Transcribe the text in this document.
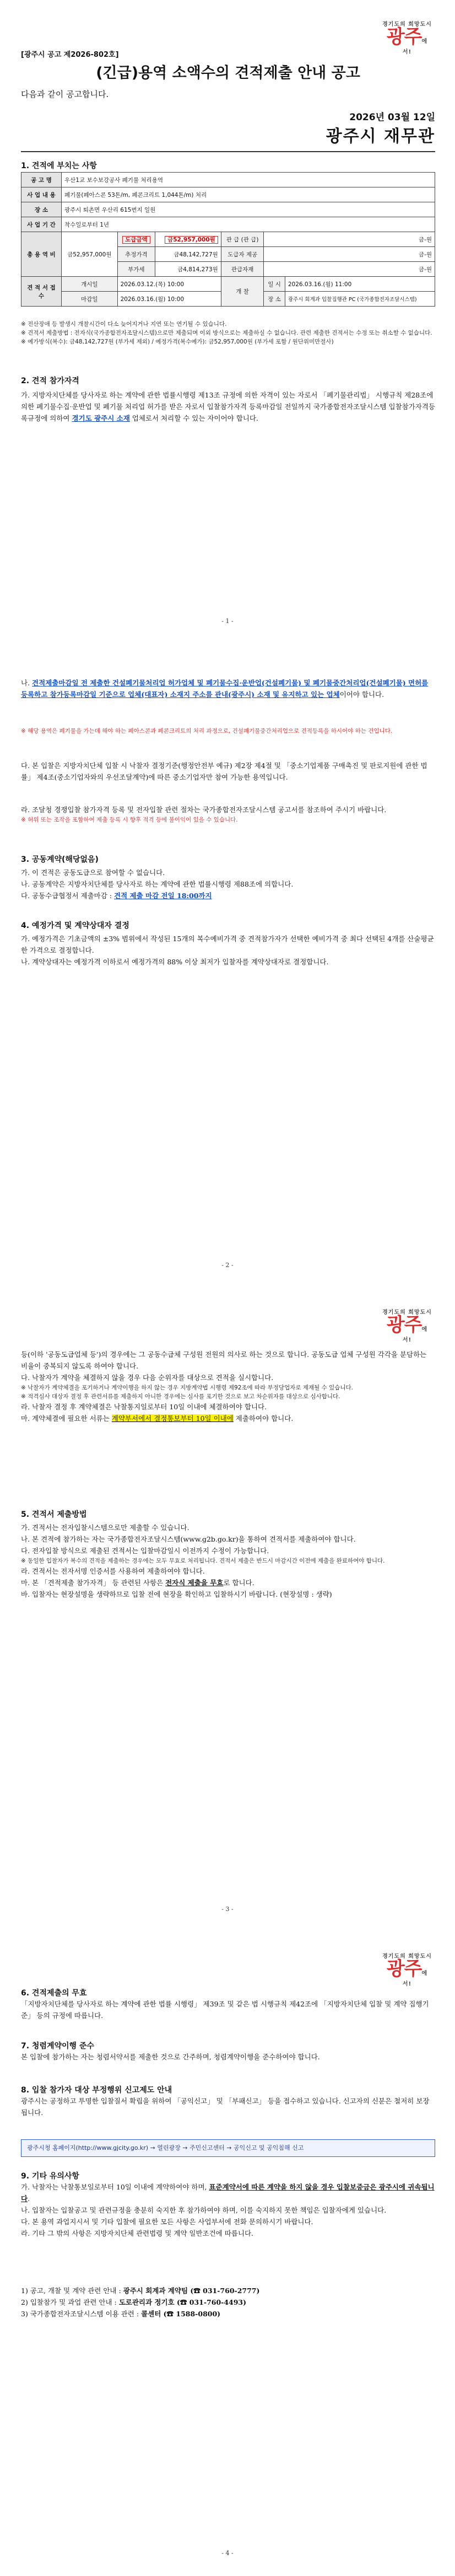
경기도의 희망도시
광주에서!
[광주시 공고 제2026-802호]
(긴급)용역 소액수의 견적제출 안내 공고
다음과 같이 공고합니다.
2026년 03월 12일
광주시 재무관
1. 견적에 부치는 사항
공 고 명	우산1교 보수보강공사 폐기물 처리용역					
사 업 내 용	폐기물(폐아스콘 53톤/m, 폐콘크리트 1,044톤/m) 처리					
장 소	광주시 퇴촌면 우산리 615번지 일원					
사 업 기 간	착수일로부터 1년					
총 용 역 비	금52,957,000원	도급금액	금52,957,000원	관 급 (관 급)	금-원	
		추정가격	금48,142,727원	도급자 제공	금-원	
		부가세	금4,814,273원	관급자재	금-원	
견 적 서 접 수	개시일	2026.03.12.(목) 10:00		개 찰	일 시	2026.03.16.(월) 11:00
	마감일	2026.03.16.(월) 10:00			장 소	광주시 회계과 입찰집행관 PC (국가종합전자조달시스템)

※ 전산장애 등 발생시 개찰시간이 다소 늦어지거나 지연 또는 연기될 수 있습니다.

※ 견적서 제출방법 : 전자식(국가종합전자조달시스템)으로만 제출되며 이외 방식으로는 제출하실 수 없습니다. 관련 제출한 견적서는 수정 또는 취소할 수 없습니다.

※ 예가방식(복수): 금48,142,727원 (부가세 제외) / 예정가격(복수예가): 금52,957,000원 (부가세 포함 / 원단위미만절사)

2. 견적 참가자격

가. 지방자치단체를 당사자로 하는 계약에 관한 법률시행령 제13조 규정에 의한 자격이 있는 자로서 「폐기물관리법」 시행규칙 제28조에 의한 폐기물수집·운반업 및 폐기물 처리업 허가를 받은 자로서 입찰참가자격 등록마감일 전일까지 국가종합전자조달시스템 입찰참가자격등록규정에 의하여 경기도 광주시 소재 업체로서 처리할 수 있는 자이어야 합니다.

- 1 -

나. 견적제출마감일 전 제출한 건설폐기물처리업 허가업체 및 폐기물수집·운반업(건설폐기물) 및 폐기물중간처리업(건설폐기물) 면허를 등록하고 참가등록마감일 기준으로 업체(대표자) 소재지 주소를 관내(광주시) 소재 및 유지하고 있는 업체이어야 합니다.

※ 해당 용역은 폐기물을 가는데 해야 하는 폐아스콘과 폐콘크리트의 처리 과정으로, 건설폐기물중간처리업으로 견적등록을 하시어야 하는 건입니다.

다. 본 입찰은 지방자치단체 입찰 시 낙찰자 결정기준(행정안전부 예규) 제2장 제4절 및 「중소기업제품 구매촉진 및 판로지원에 관한 법률」 제4조(중소기업자와의 우선조달계약)에 따른 중소기업자만 참여 가능한 용역입니다.

라. 조달청 경쟁입찰 참가자격 등록 및 전자입찰 관련 절차는 국가종합전자조달시스템 공고서를 참조하여 주시기 바랍니다.

※ 허위 또는 조작을 포함하여 제출 등록 시 향후 적격 등에 불이익이 있을 수 있습니다.

3. 공동계약(해당없음)

가. 이 견적은 공동도급으로 참여할 수 없습니다.

나. 공동계약은 지방자치단체를 당사자로 하는 계약에 관한 법률시행령 제88조에 의합니다.

다. 공동수급협정서 제출마감 : 견적 제출 마감 전일 18:00까지

4. 예정가격 및 계약상대자 결정

가. 예정가격은 기초금액의 ±3% 범위에서 작성된 15개의 복수예비가격 중 견적참가자가 선택한 예비가격 중 최다 선택된 4개를 산술평균한 가격으로 결정합니다.

나. 계약상대자는 예정가격 이하로서 예정가격의 88% 이상 최저가 입찰자를 계약상대자로 결정합니다.

- 2 -
경기도의 희망도시
광주에서!

등(이하 '공동도급업체 등')의 경우에는 그 공동수급체 구성원 전원의 의사로 하는 것으로 합니다. 공동도급 업체 구성원 각각을 분담하는 비율이 중복되지 않도록 하여야 합니다.

다. 낙찰자가 계약을 체결하지 않을 경우 다음 순위자를 대상으로 견적을 실시합니다.

※ 낙찰자가 계약체결을 포기하거나 계약이행을 하지 않는 경우 지방계약법 시행령 제92조에 따라 부정당업자로 제재될 수 있습니다.

※ 적격심사 대상자 결정 후 관련서류를 제출하지 아니한 경우에는 심사를 포기한 것으로 보고 차순위자를 대상으로 심사합니다.

라. 낙찰자 결정 후 계약체결은 낙찰통지일로부터 10일 이내에 체결하여야 합니다.

마. 계약체결에 필요한 서류는 계약부서에서 결정통보부터 10일 이내에 제출하여야 합니다.

5. 견적서 제출방법

가. 견적서는 전자입찰시스템으로만 제출할 수 있습니다.

나. 본 견적에 참가하는 자는 국가종합전자조달시스템(www.g2b.go.kr)을 통하여 견적서를 제출하여야 합니다.

다. 전자입찰 방식으로 제출된 견적서는 입찰마감일시 이전까지 수정이 가능합니다.

※ 동일한 입찰자가 복수의 견적을 제출하는 경우에는 모두 무효로 처리됩니다. 견적서 제출은 반드시 마감시간 이전에 제출을 완료하여야 합니다.

라. 견적서는 전자서명 인증서를 사용하여 제출하여야 합니다.

마. 본 「견적제출 참가자격」 등 관련된 사항은 전자식 제출을 무효로 합니다.

바. 입찰자는 현장설명을 생략하므로 입찰 전에 현장을 확인하고 입찰하시기 바랍니다. (현장설명 : 생략)

- 3 -
경기도의 희망도시
광주에서!
6. 견적제출의 무효

「지방자치단체를 당사자로 하는 계약에 관한 법률 시행령」 제39조 및 같은 법 시행규칙 제42조에 「지방자치단체 입찰 및 계약 집행기준」 등의 규정에 따릅니다.

7. 청렴계약이행 준수

본 입찰에 참가하는 자는 청렴서약서를 제출한 것으로 간주하며, 청렴계약이행을 준수하여야 합니다.

8. 입찰 참가자 대상 부정행위 신고제도 안내

광주시는 공정하고 투명한 입찰질서 확립을 위하여 「공익신고」 및 「부패신고」 등을 접수하고 있습니다. 신고자의 신분은 철저히 보장됩니다.

광주시청 홈페이지(http://www.gjcity.go.kr) → 열린광장 → 주민신고센터 → 공익신고 및 공익침해 신고
9. 기타 유의사항

가. 낙찰자는 낙찰통보일로부터 10일 이내에 계약하여야 하며, 표준계약서에 따른 계약을 하지 않을 경우 입찰보증금은 광주시에 귀속됩니다.

나. 입찰자는 입찰공고 및 관련규정을 충분히 숙지한 후 참가하여야 하며, 이를 숙지하지 못한 책임은 입찰자에게 있습니다.

다. 본 용역 과업지시서 및 기타 입찰에 필요한 모든 사항은 사업부서에 전화 문의하시기 바랍니다.

라. 기타 그 밖의 사항은 지방자치단체 관련법령 및 계약 일반조건에 따릅니다.

1) 공고, 개찰 및 계약 관련 안내 : 광주시 회계과 계약팀 (☎ 031-760-2777)
2) 입찰참가 및 과업 관련 안내 : 도로관리과 정기호 (☎ 031-760-4493)
3) 국가종합전자조달시스템 이용 관련 : 콜센터 (☎ 1588-0800)
- 4 -
